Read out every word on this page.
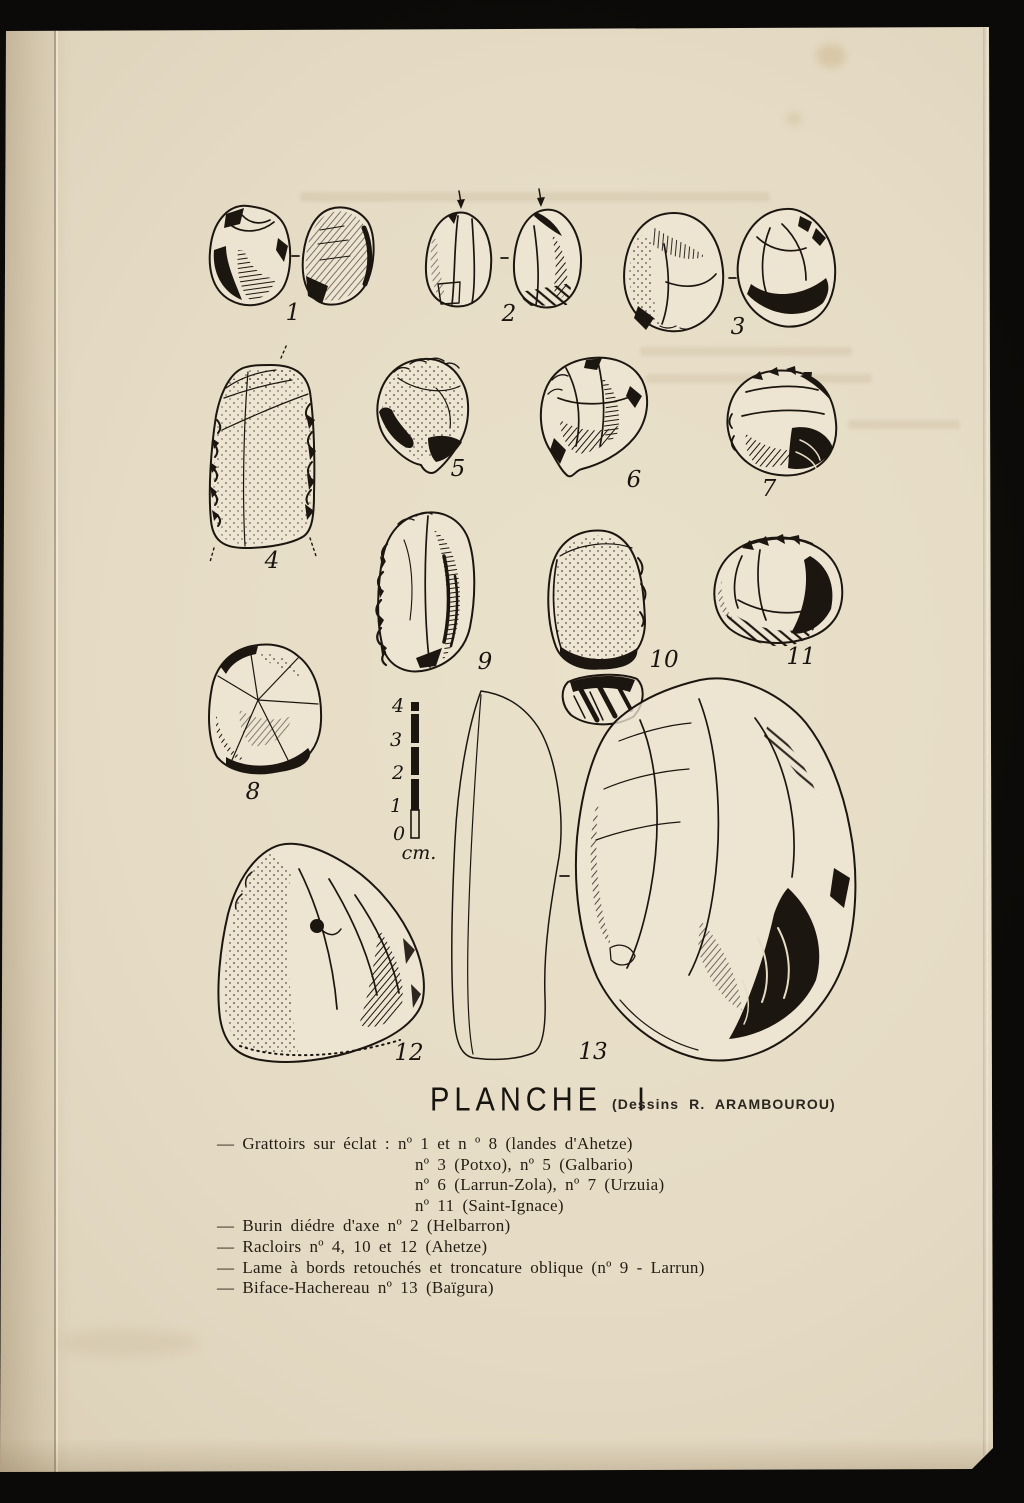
1	2	3
4
5	6	7
8
9	10	11
4
3
2
1
0
cm.
13
12
PLANCHE I
(Dessins R. ARAMBOUROU)
— Grattoirs sur éclat : nº 1 et n º 8 (landes d'Ahetze)
nº 3 (Potxo), nº 5 (Galbario)
nº 6 (Larrun-Zola), nº 7 (Urzuia)
nº 11 (Saint-Ignace)
— Burin diédre d'axe nº 2 (Helbarron)
— Racloirs nº 4, 10 et 12 (Ahetze)
— Lame à bords retouchés et troncature oblique (nº 9 - Larrun)
— Biface-Hachereau nº 13 (Baïgura)
